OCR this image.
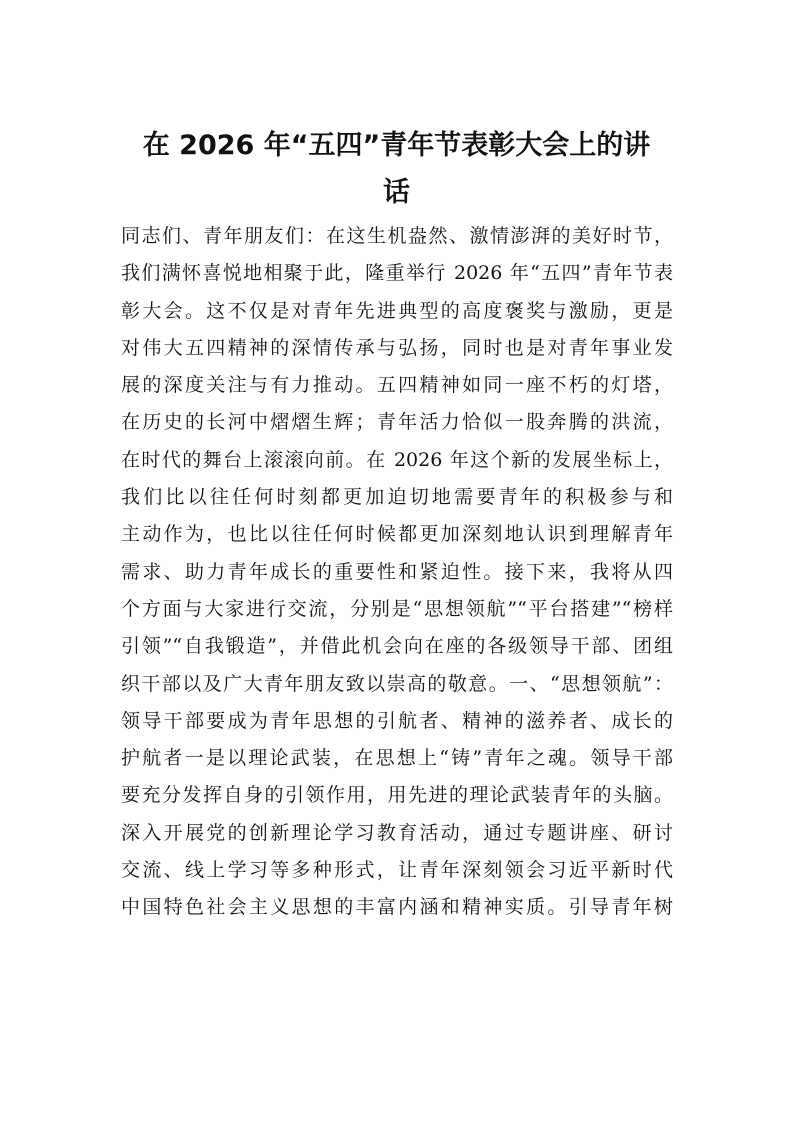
在 2026 年“五四”青年节表彰大会上的讲
话
同志们、青年朋友们：在这生机盎然、激情澎湃的美好时节，
我们满怀喜悦地相聚于此，隆重举行 2026 年“五四”青年节表
彰大会。这不仅是对青年先进典型的高度褒奖与激励，更是
对伟大五四精神的深情传承与弘扬，同时也是对青年事业发
展的深度关注与有力推动。五四精神如同一座不朽的灯塔，
在历史的长河中熠熠生辉；青年活力恰似一股奔腾的洪流，
在时代的舞台上滚滚向前。在 2026 年这个新的发展坐标上，
我们比以往任何时刻都更加迫切地需要青年的积极参与和
主动作为，也比以往任何时候都更加深刻地认识到理解青年
需求、助力青年成长的重要性和紧迫性。接下来，我将从四
个方面与大家进行交流，分别是“思想领航”“平台搭建”“榜样
引领”“自我锻造”，并借此机会向在座的各级领导干部、团组
织干部以及广大青年朋友致以崇高的敬意。一、“思想领航”：
领导干部要成为青年思想的引航者、精神的滋养者、成长的
护航者一是以理论武装，在思想上“铸”青年之魂。领导干部
要充分发挥自身的引领作用，用先进的理论武装青年的头脑。
深入开展党的创新理论学习教育活动，通过专题讲座、研讨
交流、线上学习等多种形式，让青年深刻领会习近平新时代
中国特色社会主义思想的丰富内涵和精神实质。引导青年树
